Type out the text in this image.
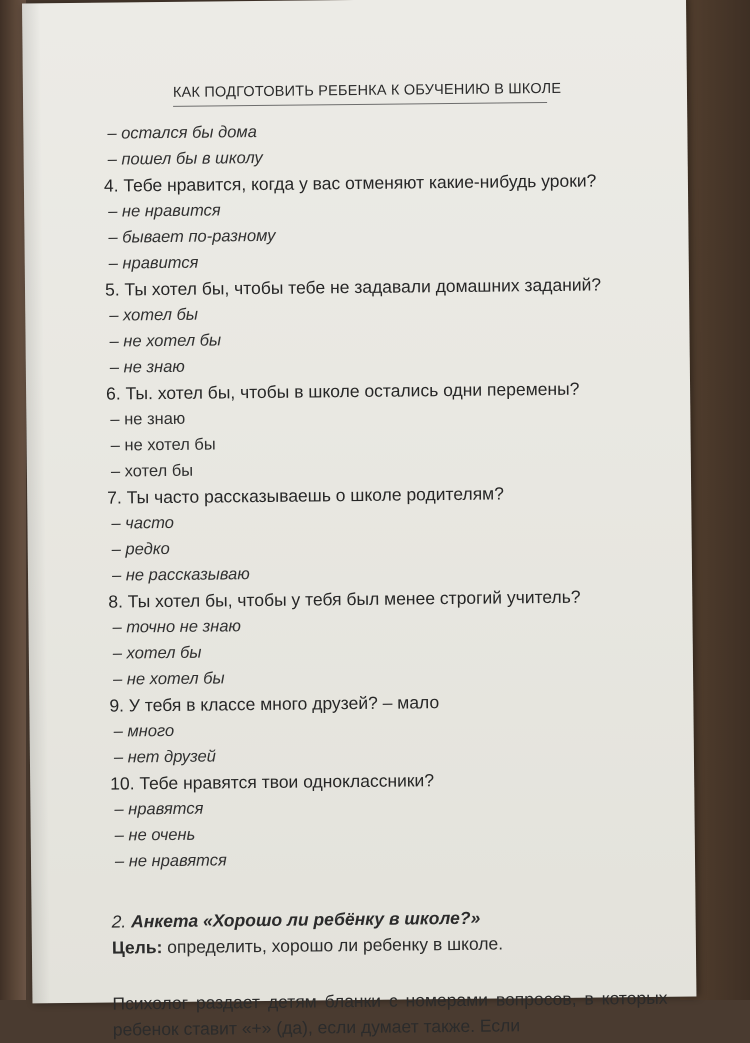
КАК ПОДГОТОВИТЬ РЕБЕНКА К ОБУЧЕНИЮ В ШКОЛЕ
– остался бы дома
– пошел бы в школу
4. Тебе нравится, когда у вас отменяют какие-нибудь уроки?
– не нравится
– бывает по-разному
– нравится
5. Ты хотел бы, чтобы тебе не задавали домашних заданий?
– хотел бы
– не хотел бы
– не знаю
6. Ты. хотел бы, чтобы в школе остались одни перемены?
– не знаю
– не хотел бы
– хотел бы
7. Ты часто рассказываешь о школе родителям?
– часто
– редко
– не рассказываю
8. Ты хотел бы, чтобы у тебя был менее строгий учитель?
– точно не знаю
– хотел бы
– не хотел бы
9. У тебя в классе много друзей? – мало
– много
– нет друзей
10. Тебе нравятся твои одноклассники?
– нравятся
– не очень
– не нравятся
2. Анкета «Хорошо ли ребёнку в школе?»
Цель: определить, хорошо ли ребенку в школе.
Психолог раздает детям бланки с номерами вопросов, в которых ребенок ставит «+» (да), если думает также. Если
